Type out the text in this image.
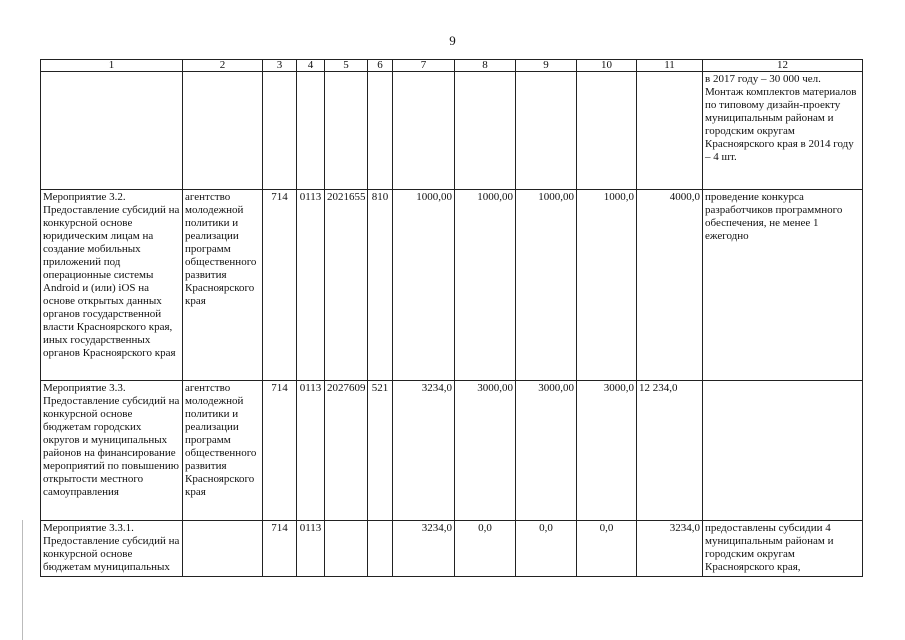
9
1	2	3	4	5	6	7	8	9	10	11	12
											в 2017 году – 30 000 чел. Монтаж комплектов материалов по типовому дизайн-проекту муниципальным районам и городским округам Красноярского края в 2014 году – 4 шт.
Мероприятие 3.2. Предоставление субсидий на конкурсной основе юридическим лицам на создание мобильных приложений под операционные системы Android и (или) iOS на основе открытых данных органов государственной власти Красноярского края, иных государственных органов Красноярского края	агентство молодежной политики и реализации программ общественного развития Красноярского края	714	0113	2021655	810	1000,00	1000,00	1000,00	1000,0	4000,0	проведение конкурса разработчиков программного обеспечения, не менее 1 ежегодно
Мероприятие 3.3. Предоставление субсидий на конкурсной основе бюджетам городских округов и муниципальных районов на финансирование мероприятий по повышению открытости местного самоуправления	агентство молодежной политики и реализации программ общественного развития Красноярского края	714	0113	2027609	521	3234,0	3000,00	3000,00	3000,0	12 234,0	
Мероприятие 3.3.1. Предоставление субсидий на конкурсной основе бюджетам муниципальных		714	0113			3234,0	0,0	0,0	0,0	3234,0	предоставлены субсидии 4 муниципальным районам и городским округам Красноярского края,
